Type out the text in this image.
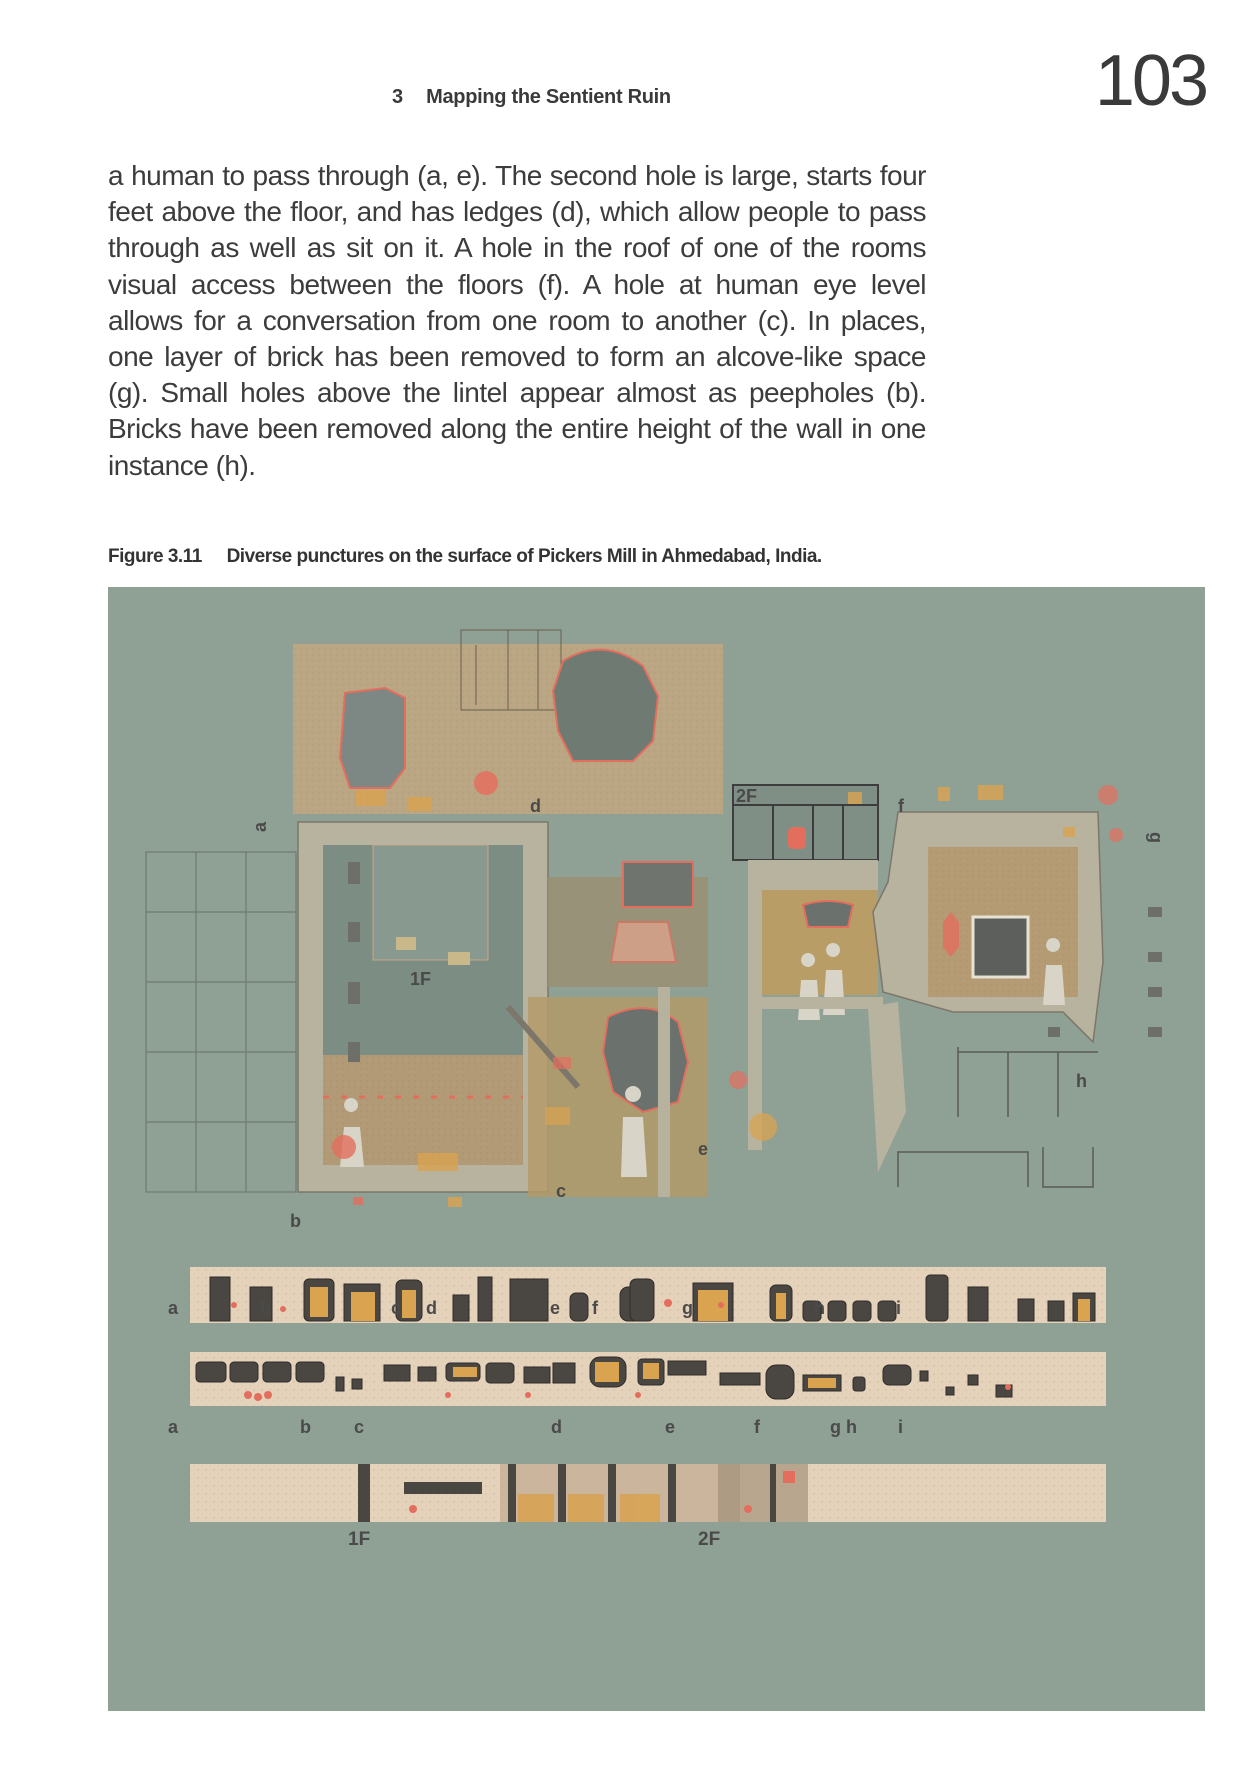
3 Mapping the Sentient Ruin	103
a human to pass through (a, e). The second hole is large, starts four feet above the floor, and has ledges (d), which allow people to pass through as well as sit on it. A hole in the roof of one of the rooms visual access between the floors (f). A hole at human eye level allows for a conversation from one room to another (c). In places, one layer of brick has been removed to form an alcove-like space (g). Small holes above the lintel appear almost as peepholes (b). Bricks have been removed along the entire height of the wall in one instance (h).
Figure 3.11 Diverse punctures on the surface of Pickers Mill in Ahmedabad, India.
a
b
c
d
e
f
g
h
1F
2F
a	b	c d	e f	g	h	i
a	b c	d	e	f	g h i
1F	2F
